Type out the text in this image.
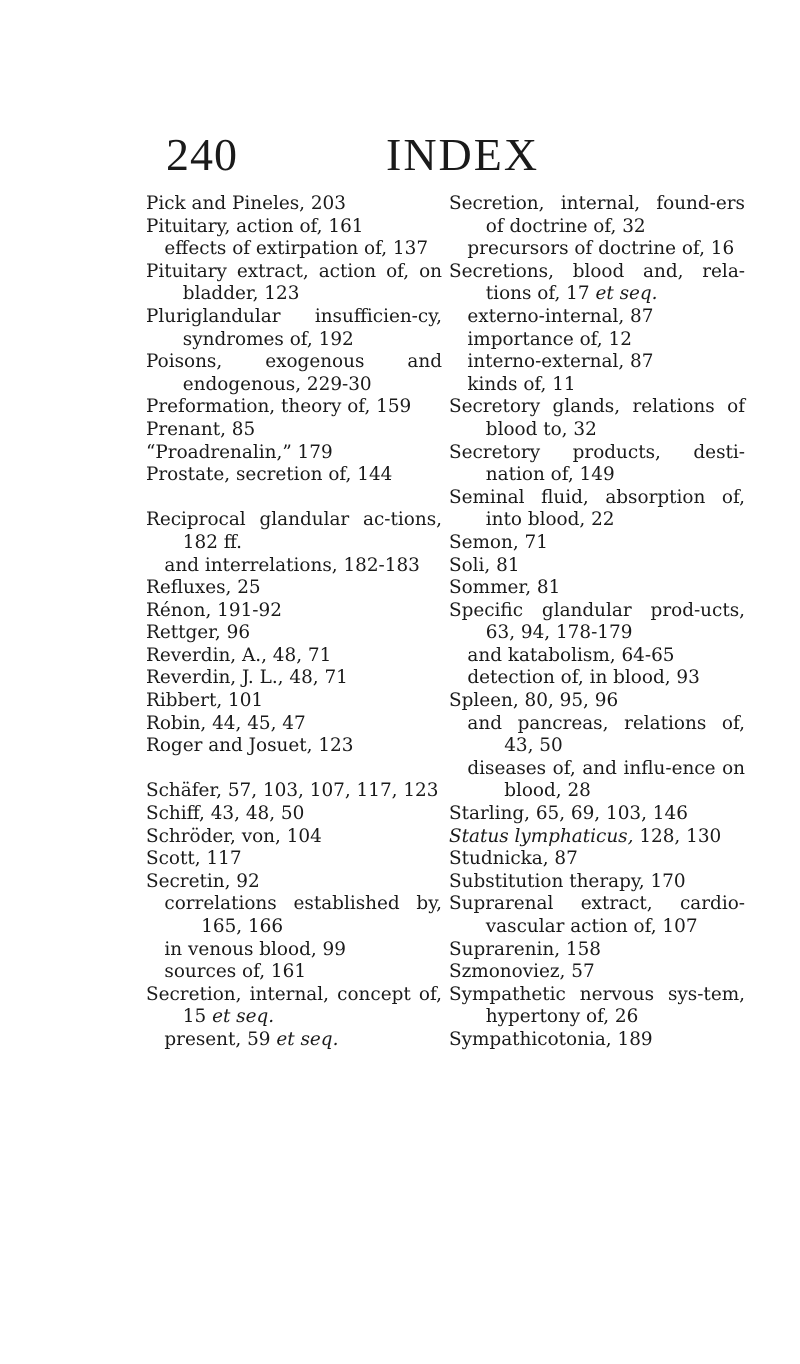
240	INDEX
Pick and Pineles, 203
Pituitary, action of, 161
effects of extirpation of, 137
Pituitary extract, action of, on bladder, 123
Pluriglandular insufficien-cy, syndromes of, 192
Poisons, exogenous and endogenous, 229-30
Preformation, theory of, 159
Prenant, 85
“Proadrenalin,” 179
Prostate, secretion of, 144
Reciprocal glandular ac-tions, 182 ff.
and interrelations, 182-183
Refluxes, 25
Rénon, 191-92
Rettger, 96
Reverdin, A., 48, 71
Reverdin, J. L., 48, 71
Ribbert, 101
Robin, 44, 45, 47
Roger and Josuet, 123
Schäfer, 57, 103, 107, 117, 123
Schiff, 43, 48, 50
Schröder, von, 104
Scott, 117
Secretin, 92
correlations established by, 165, 166
in venous blood, 99
sources of, 161
Secretion, internal, concept of, 15 et seq.
present, 59 et seq.
Secretion, internal, found-ers of doctrine of, 32
precursors of doctrine of, 16
Secretions, blood and, rela-tions of, 17 et seq.
externo-internal, 87
importance of, 12
interno-external, 87
kinds of, 11
Secretory glands, relations of blood to, 32
Secretory products, desti-nation of, 149
Seminal fluid, absorption of, into blood, 22
Semon, 71
Soli, 81
Sommer, 81
Specific glandular prod-ucts, 63, 94, 178-179
and katabolism, 64-65
detection of, in blood, 93
Spleen, 80, 95, 96
and pancreas, relations of, 43, 50
diseases of, and influ-ence on blood, 28
Starling, 65, 69, 103, 146
Status lymphaticus, 128, 130
Studnicka, 87
Substitution therapy, 170
Suprarenal extract, cardio-vascular action of, 107
Suprarenin, 158
Szmonoviez, 57
Sympathetic nervous sys-tem, hypertony of, 26
Sympathicotonia, 189
